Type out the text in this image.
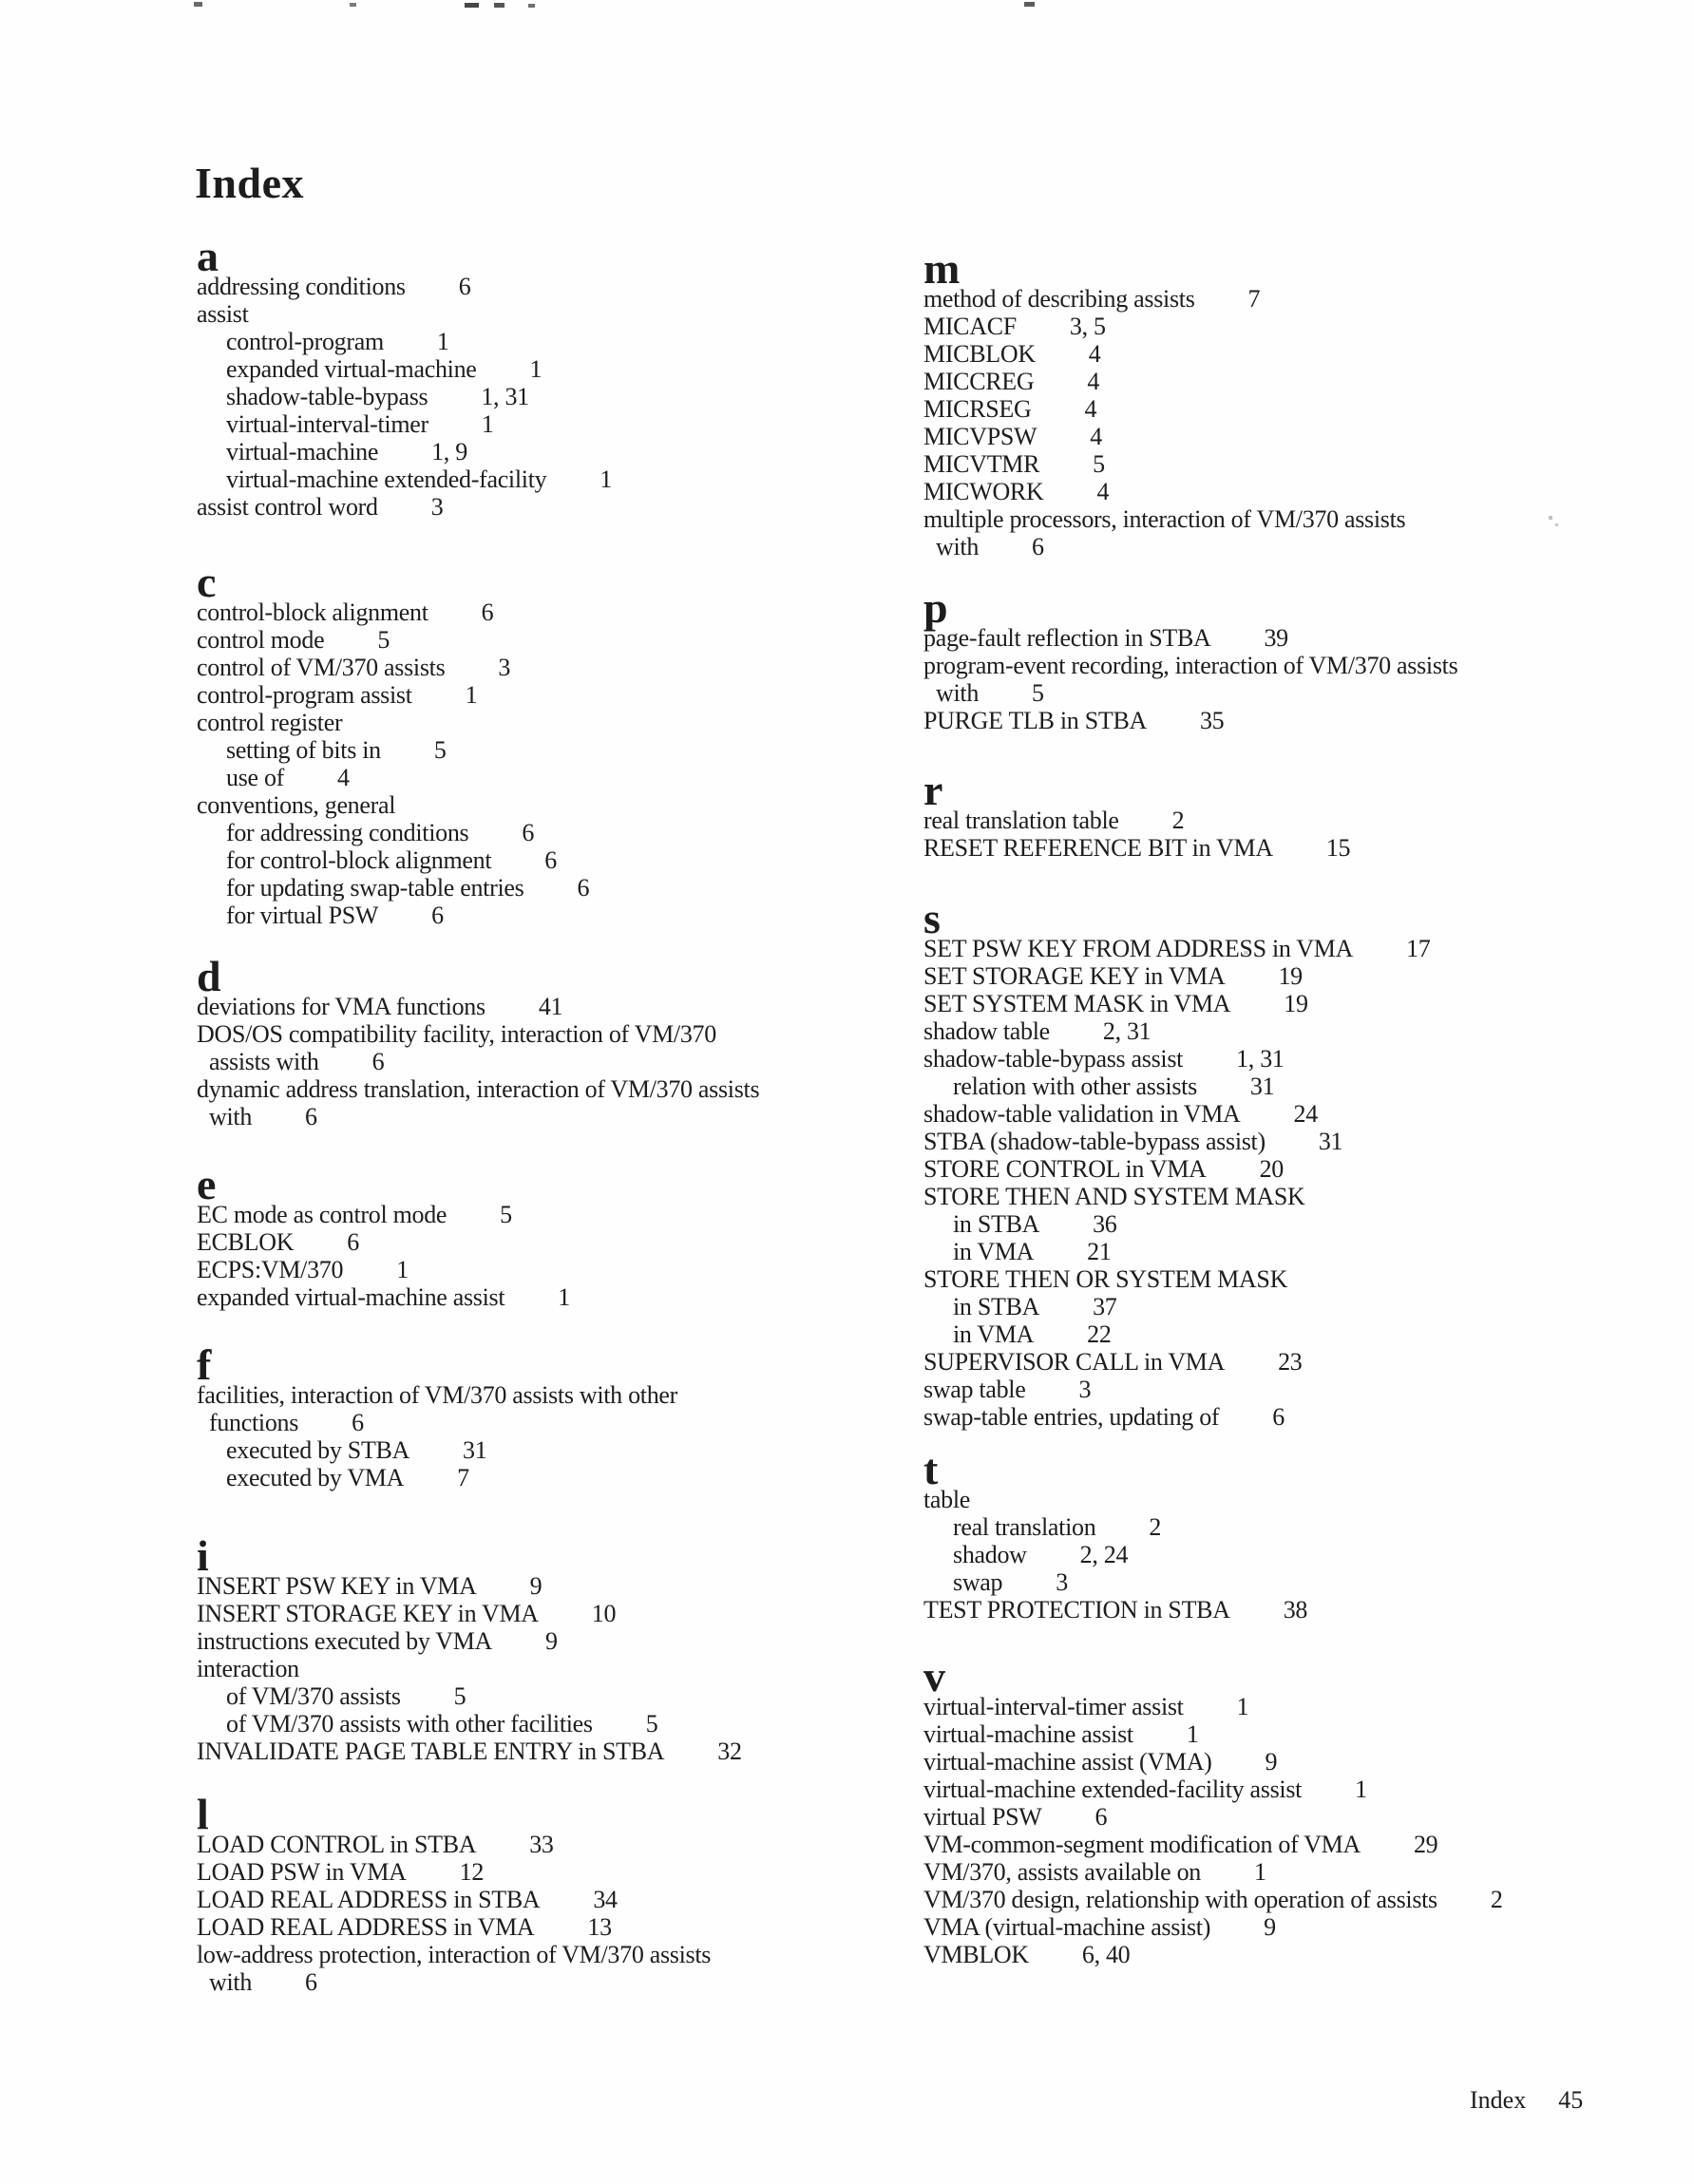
Index
a
addressing conditions 6
assist
control-program 1
expanded virtual-machine 1
shadow-table-bypass 1, 31
virtual-interval-timer 1
virtual-machine 1, 9
virtual-machine extended-facility 1
assist control word 3
c
control-block alignment 6
control mode 5
control of VM/370 assists 3
control-program assist 1
control register
setting of bits in 5
use of 4
conventions, general
for addressing conditions 6
for control-block alignment 6
for updating swap-table entries 6
for virtual PSW 6
d
deviations for VMA functions 41
DOS/OS compatibility facility, interaction of VM/370
assists with 6
dynamic address translation, interaction of VM/370 assists
with 6
e
EC mode as control mode 5
ECBLOK 6
ECPS:VM/370 1
expanded virtual-machine assist 1
f
facilities, interaction of VM/370 assists with other
functions 6
executed by STBA 31
executed by VMA 7
i
INSERT PSW KEY in VMA 9
INSERT STORAGE KEY in VMA 10
instructions executed by VMA 9
interaction
of VM/370 assists 5
of VM/370 assists with other facilities 5
INVALIDATE PAGE TABLE ENTRY in STBA 32
l
LOAD CONTROL in STBA 33
LOAD PSW in VMA 12
LOAD REAL ADDRESS in STBA 34
LOAD REAL ADDRESS in VMA 13
low-address protection, interaction of VM/370 assists
with 6
m
method of describing assists 7
MICACF 3, 5
MICBLOK 4
MICCREG 4
MICRSEG 4
MICVPSW 4
MICVTMR 5
MICWORK 4
multiple processors, interaction of VM/370 assists
with 6
p
page-fault reflection in STBA 39
program-event recording, interaction of VM/370 assists
with 5
PURGE TLB in STBA 35
r
real translation table 2
RESET REFERENCE BIT in VMA 15
s
SET PSW KEY FROM ADDRESS in VMA 17
SET STORAGE KEY in VMA 19
SET SYSTEM MASK in VMA 19
shadow table 2, 31
shadow-table-bypass assist 1, 31
relation with other assists 31
shadow-table validation in VMA 24
STBA (shadow-table-bypass assist) 31
STORE CONTROL in VMA 20
STORE THEN AND SYSTEM MASK
in STBA 36
in VMA 21
STORE THEN OR SYSTEM MASK
in STBA 37
in VMA 22
SUPERVISOR CALL in VMA 23
swap table 3
swap-table entries, updating of 6
t
table
real translation 2
shadow 2, 24
swap 3
TEST PROTECTION in STBA 38
v
virtual-interval-timer assist 1
virtual-machine assist 1
virtual-machine assist (VMA) 9
virtual-machine extended-facility assist 1
virtual PSW 6
VM-common-segment modification of VMA 29
VM/370, assists available on 1
VM/370 design, relationship with operation of assists 2
VMA (virtual-machine assist) 9
VMBLOK 6, 40
Index 45
